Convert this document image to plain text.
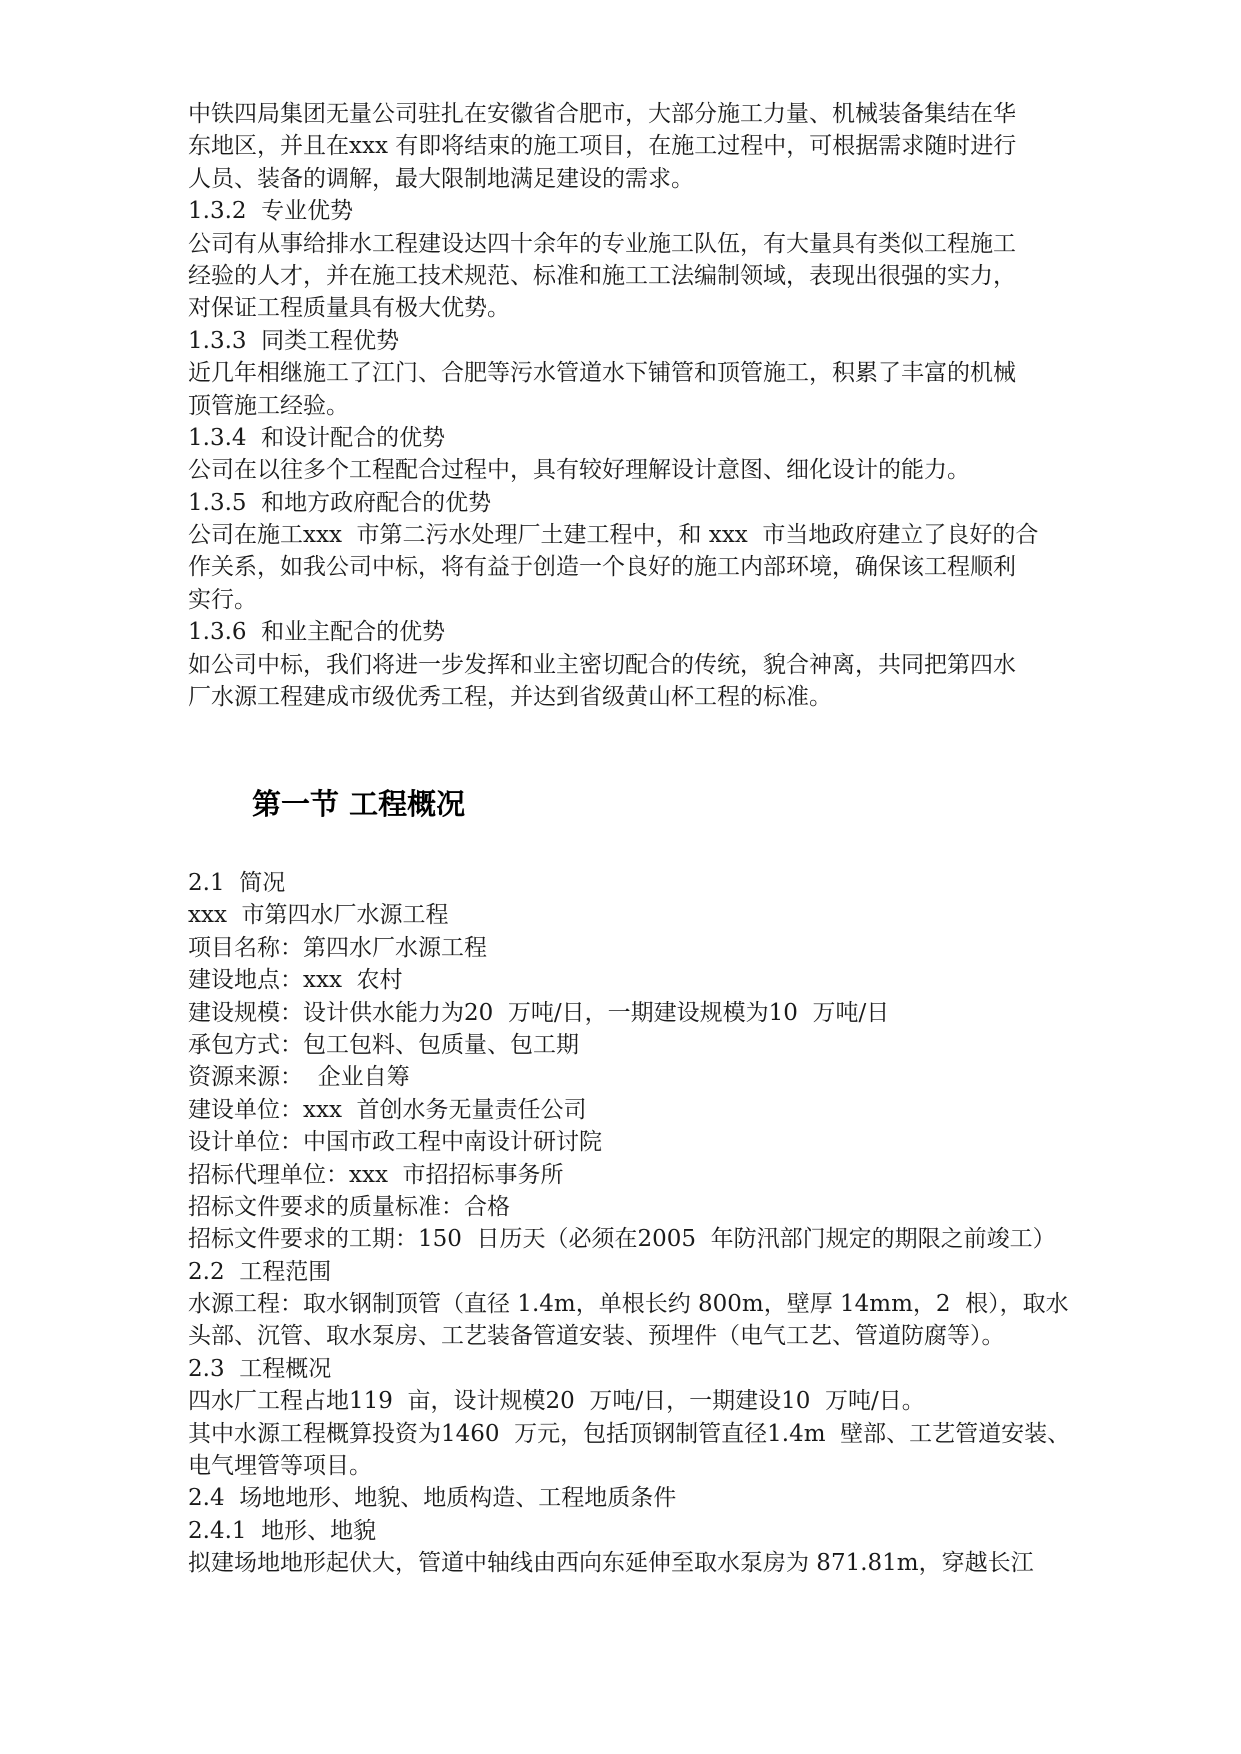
中铁四局集团无量公司驻扎在安徽省合肥市，大部分施工力量、机械装备集结在华
东地区，并且在xxx 有即将结束的施工项目，在施工过程中，可根据需求随时进行
人员、装备的调解，最大限制地满足建设的需求。
1.3.2  专业优势
公司有从事给排水工程建设达四十余年的专业施工队伍，有大量具有类似工程施工
经验的人才，并在施工技术规范、标准和施工工法编制领域，表现出很强的实力，
对保证工程质量具有极大优势。
1.3.3  同类工程优势
近几年相继施工了江门、合肥等污水管道水下铺管和顶管施工，积累了丰富的机械
顶管施工经验。
1.3.4  和设计配合的优势
公司在以往多个工程配合过程中，具有较好理解设计意图、细化设计的能力。
1.3.5  和地方政府配合的优势
公司在施工xxx  市第二污水处理厂土建工程中，和 xxx  市当地政府建立了良好的合
作关系，如我公司中标，将有益于创造一个良好的施工内部环境，确保该工程顺利
实行。
1.3.6  和业主配合的优势
如公司中标，我们将进一步发挥和业主密切配合的传统，貌合神离，共同把第四水
厂水源工程建成市级优秀工程，并达到省级黄山杯工程的标准。
第一节 工程概况
2.1  简况
xxx  市第四水厂水源工程
项目名称：第四水厂水源工程
建设地点：xxx  农村
建设规模：设计供水能力为20  万吨/日，一期建设规模为10  万吨/日
承包方式：包工包料、包质量、包工期
资源来源：  企业自筹
建设单位：xxx  首创水务无量责任公司
设计单位：中国市政工程中南设计研讨院
招标代理单位：xxx  市招招标事务所
招标文件要求的质量标准：合格
招标文件要求的工期：150  日历天（必须在2005  年防汛部门规定的期限之前竣工）
2.2  工程范围
水源工程：取水钢制顶管（直径 1.4m，单根长约 800m，壁厚 14mm，2  根），取水
头部、沉管、取水泵房、工艺装备管道安装、预埋件（电气工艺、管道防腐等）。
2.3  工程概况
四水厂工程占地119  亩，设计规模20  万吨/日，一期建设10  万吨/日。
其中水源工程概算投资为1460  万元，包括顶钢制管直径1.4m  壁部、工艺管道安装、
电气埋管等项目。
2.4  场地地形、地貌、地质构造、工程地质条件
2.4.1  地形、地貌
拟建场地地形起伏大，管道中轴线由西向东延伸至取水泵房为 871.81m，穿越长江
